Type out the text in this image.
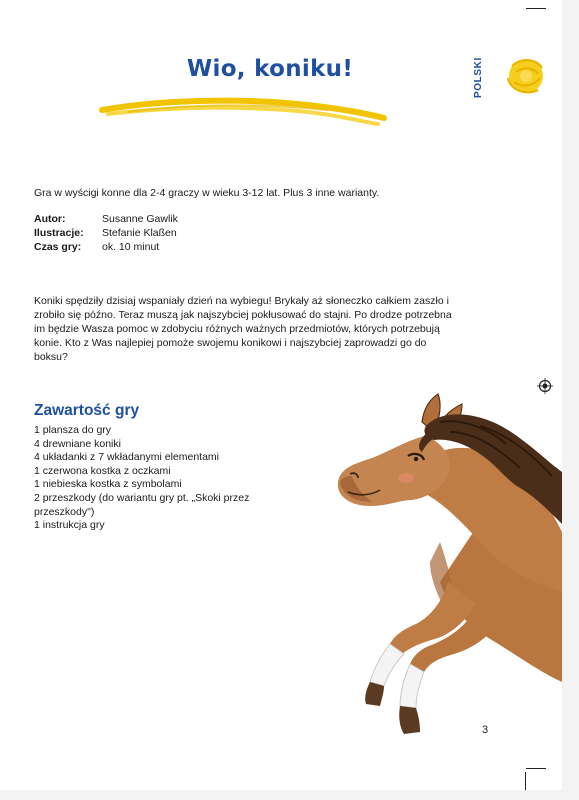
Wio, koniku!	POLSKI
Gra w wyścigi konne dla 2-4 graczy w wieku 3-12 lat. Plus 3 inne warianty.
Autor:	Susanne Gawlik
Ilustracje:	Stefanie Klaßen
Czas gry:	ok. 10 minut
Koniki spędziły dzisiaj wspaniały dzień na wybiegu! Brykały aż słoneczko całkiem zaszło i
zrobiło się późno. Teraz muszą jak najszybciej pokłusować do stajni. Po drodze potrzebna
im będzie Wasza pomoc w zdobyciu różnych ważnych przedmiotów, których potrzebują
konie. Kto z Was najlepiej pomoże swojemu konikowi i najszybciej zaprowadzi go do
boksu?
Zawartość gry
1 plansza do gry
4 drewniane koniki
4 układanki z 7 wkładanymi elementami
1 czerwona kostka z oczkami
1 niebieska kostka z symbolami
2 przeszkody (do wariantu gry pt. „Skoki przez
przeszkody")
1 instrukcja gry
3
